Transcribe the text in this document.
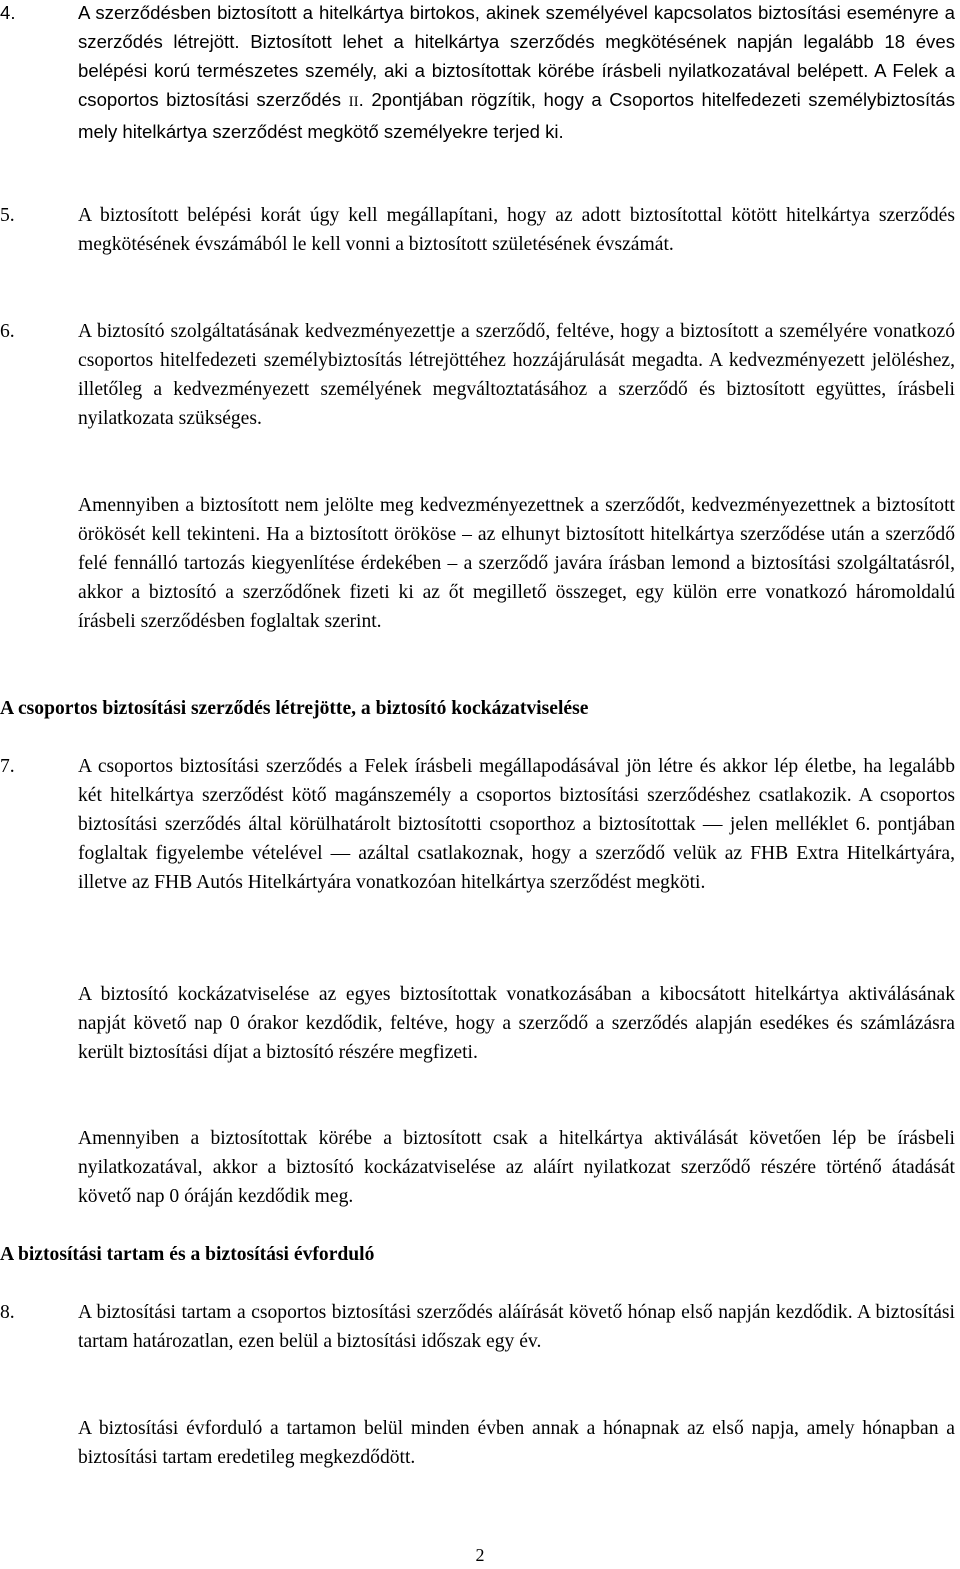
4.	A szerződésben biztosított a hitelkártya birtokos, akinek személyével kapcsolatos biztosítási eseményre a szerződés létrejött. Biztosított lehet a hitelkártya szerződés megkötésének napján legalább 18 éves belépési korú természetes személy, aki a biztosítottak körébe írásbeli nyilatkozatával belépett. A Felek a csoportos biztosítási szerződés II. 2pontjában rögzítik, hogy a Csoportos hitelfedezeti személybiztosítás mely hitelkártya szerződést megkötő személyekre terjed ki.
5.	A biztosított belépési korát úgy kell megállapítani, hogy az adott biztosítottal kötött hitelkártya szerződés megkötésének évszámából le kell vonni a biztosított születésének évszámát.
6.	A biztosító szolgáltatásának kedvezményezettje a szerződő, feltéve, hogy a biztosított a személyére vonatkozó csoportos hitelfedezeti személybiztosítás létrejöttéhez hozzájárulását megadta. A kedvezményezett jelöléshez, illetőleg a kedvezményezett személyének megváltoztatásához a szerződő és biztosított együttes, írásbeli nyilatkozata szükséges.
Amennyiben a biztosított nem jelölte meg kedvezményezettnek a szerződőt, kedvezményezettnek a biztosított örökösét kell tekinteni. Ha a biztosított örököse – az elhunyt biztosított hitelkártya szerződése után a szerződő felé fennálló tartozás kiegyenlítése érdekében – a szerződő javára írásban lemond a biztosítási szolgáltatásról, akkor a biztosító a szerződőnek fizeti ki az őt megillető összeget, egy külön erre vonatkozó háromoldalú írásbeli szerződésben foglaltak szerint.
A csoportos biztosítási szerződés létrejötte, a biztosító kockázatviselése
7.	A csoportos biztosítási szerződés a Felek írásbeli megállapodásával jön létre és akkor lép életbe, ha legalább két hitelkártya szerződést kötő magánszemély a csoportos biztosítási szerződéshez csatlakozik. A csoportos biztosítási szerződés által körülhatárolt biztosítotti csoporthoz a biztosítottak — jelen melléklet 6. pontjában foglaltak figyelembe vételével — azáltal csatlakoznak, hogy a szerződő velük az FHB Extra Hitelkártyára, illetve az FHB Autós Hitelkártyára vonatkozóan hitelkártya szerződést megköti.
A biztosító kockázatviselése az egyes biztosítottak vonatkozásában a kibocsátott hitelkártya aktiválásának napját követő nap 0 órakor kezdődik, feltéve, hogy a szerződő a szerződés alapján esedékes és számlázásra került biztosítási díjat a biztosító részére megfizeti.
Amennyiben a biztosítottak körébe a biztosított csak a hitelkártya aktiválását követően lép be írásbeli nyilatkozatával, akkor a biztosító kockázatviselése az aláírt nyilatkozat szerződő részére történő átadását követő nap 0 óráján kezdődik meg.
A biztosítási tartam és a biztosítási évforduló
8.	A biztosítási tartam a csoportos biztosítási szerződés aláírását követő hónap első napján kezdődik. A biztosítási tartam határozatlan, ezen belül a biztosítási időszak egy év.
A biztosítási évforduló a tartamon belül minden évben annak a hónapnak az első napja, amely hónapban a biztosítási tartam eredetileg megkezdődött.
2
